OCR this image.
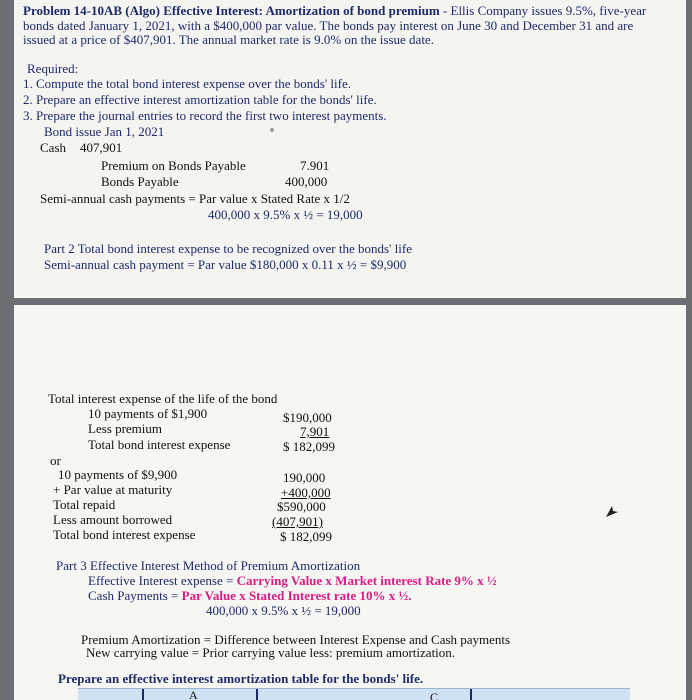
Problem 14-10AB (Algo) Effective Interest: Amortization of bond premium - Ellis Company issues 9.5%, five-year bonds dated January 1, 2021, with a $400,000 par value. The bonds pay interest on June 30 and December 31 and are issued at a price of $407,901. The annual market rate is 9.0% on the issue date.
Required:
1. Compute the total bond interest expense over the bonds' life.
2. Prepare an effective interest amortization table for the bonds' life.
3. Prepare the journal entries to record the first two interest payments.
Bond issue Jan 1, 2021
Cash 407,901
Premium on Bonds Payable	7.901
Bonds Payable	400,000
Semi-annual cash payments = Par value x Stated Rate x 1/2
400,000 x 9.5% x ½ = 19,000
Part 2 Total bond interest expense to be recognized over the bonds' life
Semi-annual cash payment = Par value $180,000 x 0.11 x ½ = $9,900
Total interest expense of the life of the bond
10 payments of $1,900	$190,000
Less premium	7,901
Total bond interest expense	$ 182,099
or
10 payments of $9,900	190,000
+ Par value at maturity	+400,000
Total repaid	$590,000
Less amount borrowed	(407,901)
Total bond interest expense	$ 182,099
Part 3 Effective Interest Method of Premium Amortization
Effective Interest expense = Carrying Value x Market interest Rate 9% x ½
Cash Payments = Par Value x Stated Interest rate 10% x ½.
400,000 x 9.5% x ½ = 19,000
Premium Amortization = Difference between Interest Expense and Cash payments
New carrying value = Prior carrying value less: premium amortization.
Prepare an effective interest amortization table for the bonds' life.
A	C
